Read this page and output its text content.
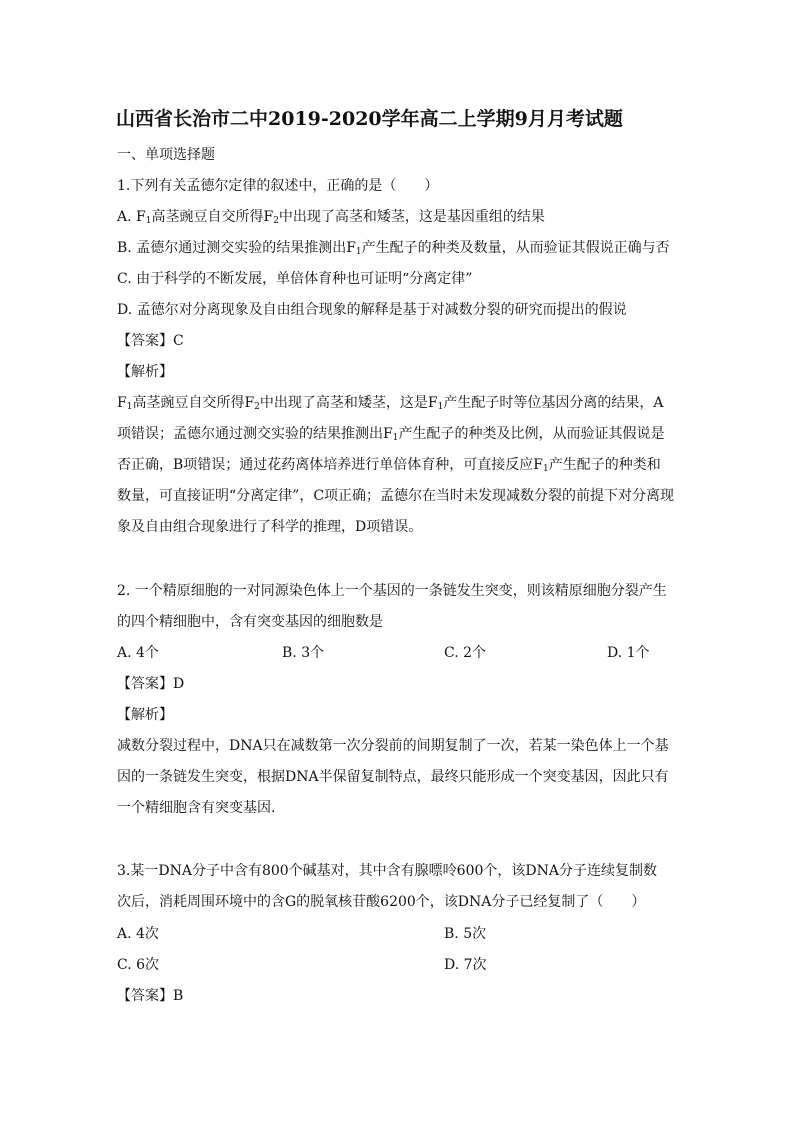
山西省长治市二中2019-2020学年高二上学期9月月考试题
一、单项选择题
1.下列有关孟德尔定律的叙述中，正确的是（　　）
A. $F_1$高茎豌豆自交所得$F_2$中出现了高茎和矮茎，这是基因重组的结果
B. 孟德尔通过测交实验的结果推测出$F_1$产生配子的种类及数量，从而验证其假说正确与否
C. 由于科学的不断发展，单倍体育种也可证明“分离定律”
D. 孟德尔对分离现象及自由组合现象的解释是基于对减数分裂的研究而提出的假说
【答案】C
【解析】
$F_1$高茎豌豆自交所得$F_2$中出现了高茎和矮茎，这是$F_1$产生配子时等位基因分离的结果，A
项错误；孟德尔通过测交实验的结果推测出$F_1$产生配子的种类及比例，从而验证其假说是
否正确，B项错误；通过花药离体培养进行单倍体育种，可直接反应$F_1$产生配子的种类和
数量，可直接证明“分离定律”，C项正确；孟德尔在当时未发现减数分裂的前提下对分离现
象及自由组合现象进行了科学的推理，D项错误。
2. 一个精原细胞的一对同源染色体上一个基因的一条链发生突变，则该精原细胞分裂产生
的四个精细胞中，含有突变基因的细胞数是
A. 4个	B. 3个	C. 2个	D. 1个
【答案】D
【解析】
减数分裂过程中，DNA只在减数第一次分裂前的间期复制了一次，若某一染色体上一个基
因的一条链发生突变，根据DNA半保留复制特点，最终只能形成一个突变基因，因此只有
一个精细胞含有突变基因.
3.某一DNA分子中含有800个碱基对，其中含有腺嘌呤600个，该DNA分子连续复制数
次后，消耗周围环境中的含G的脱氧核苷酸6200个，该DNA分子已经复制了（　　）
A. 4次	B. 5次
C. 6次	D. 7次
【答案】B
